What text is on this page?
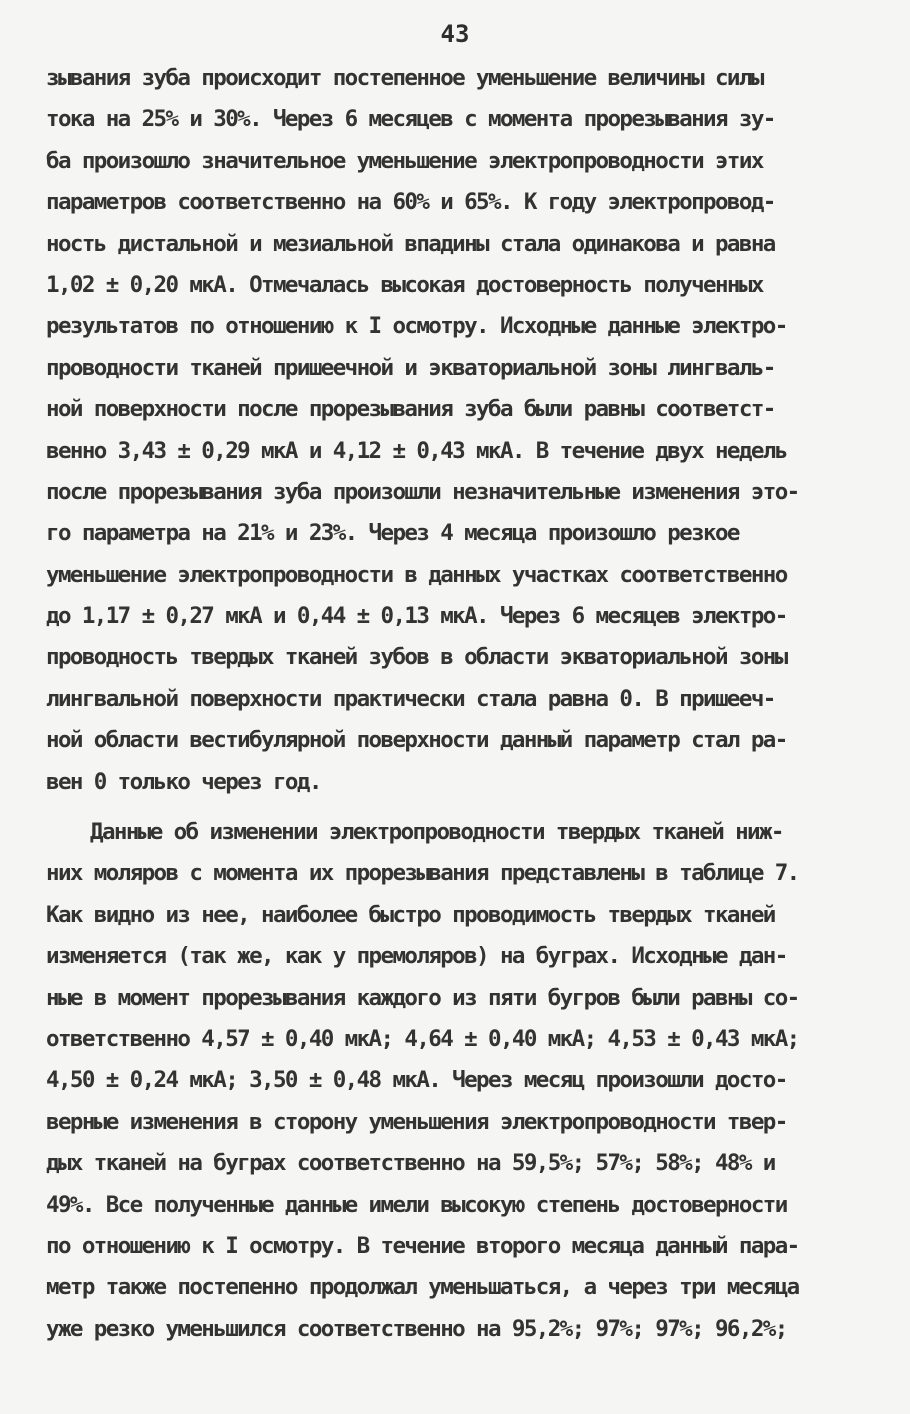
43
зывания зуба происходит постепенное уменьшение величины силы
тока на 25% и 30%. Через 6 месяцев с момента прорезывания зу-
ба произошло значительное уменьшение электропроводности этих
параметров соответственно на 60% и 65%. К году электропровод-
ность дистальной и мезиальной впадины стала одинакова и равна
1,02 ± 0,20 мкА. Отмечалась высокая достоверность полученных
результатов по отношению к I осмотру. Исходные данные электро-
проводности тканей пришеечной и экваториальной зоны лингваль-
ной поверхности после прорезывания зуба были равны соответст-
венно 3,43 ± 0,29 мкА и 4,12 ± 0,43 мкА. В течение двух недель
после прорезывания зуба произошли незначительные изменения это-
го параметра на 21% и 23%. Через 4 месяца произошло резкое
уменьшение электропроводности в данных участках соответственно
до 1,17 ± 0,27 мкА и 0,44 ± 0,13 мкА. Через 6 месяцев электро-
проводность твердых тканей зубов в области экваториальной зоны
лингвальной поверхности практически стала равна 0. В пришееч-
ной области вестибулярной поверхности данный параметр стал ра-
вен 0 только через год.
Данные об изменении электропроводности твердых тканей ниж-
них моляров с момента их прорезывания представлены в таблице 7.
Как видно из нее, наиболее быстро проводимость твердых тканей
изменяется (так же, как у премоляров) на буграх. Исходные дан-
ные в момент прорезывания каждого из пяти бугров были равны со-
ответственно 4,57 ± 0,40 мкА; 4,64 ± 0,40 мкА; 4,53 ± 0,43 мкА;
4,50 ± 0,24 мкА; 3,50 ± 0,48 мкА. Через месяц произошли досто-
верные изменения в сторону уменьшения электропроводности твер-
дых тканей на буграх соответственно на 59,5%; 57%; 58%; 48% и
49%. Все полученные данные имели высокую степень достоверности
по отношению к I осмотру. В течение второго месяца данный пара-
метр также постепенно продолжал уменьшаться, а через три месяца
уже резко уменьшился соответственно на 95,2%; 97%; 97%; 96,2%;
